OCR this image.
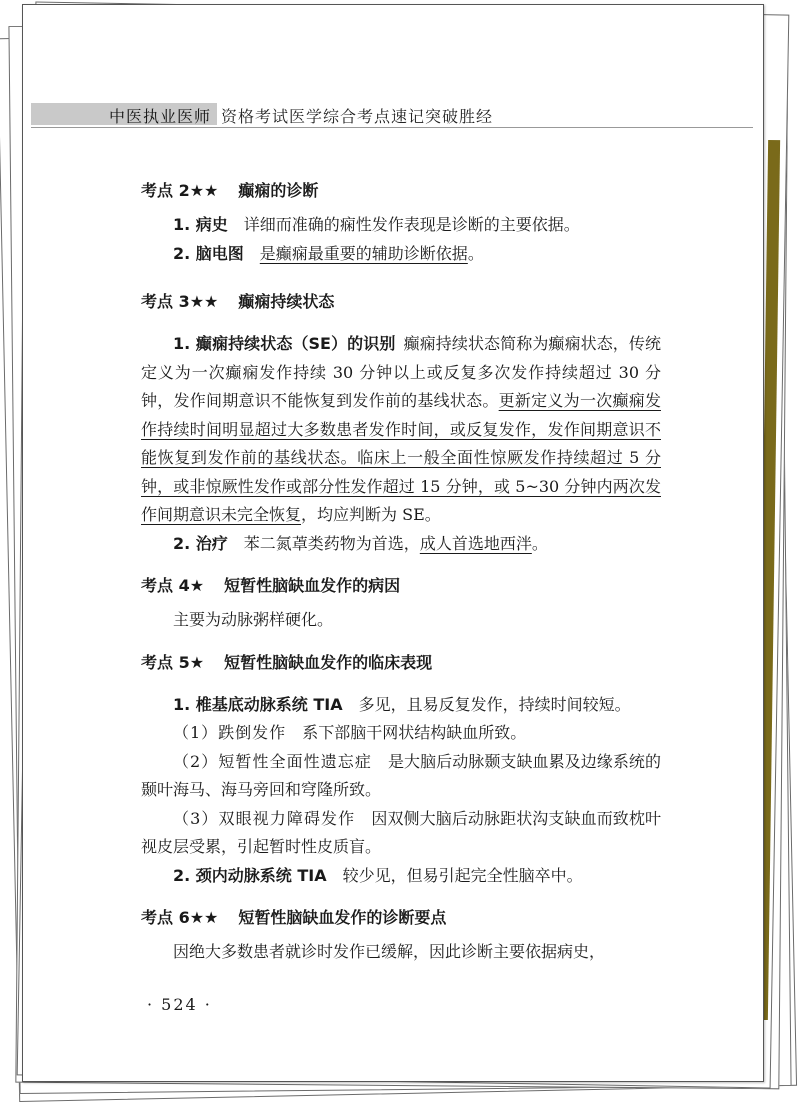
中医执业医师 资格考试医学综合考点速记突破胜经
考点 2★★ 癫痫的诊断

1. 病史  详细而准确的痫性发作表现是诊断的主要依据。

2. 脑电图  是癫痫最重要的辅助诊断依据。

考点 3★★ 癫痫持续状态

1. 癫痫持续状态（SE）的识别  癫痫持续状态简称为癫痫状态，传统定义为一次癫痫发作持续 30 分钟以上或反复多次发作持续超过 30 分钟，发作间期意识不能恢复到发作前的基线状态。更新定义为一次癫痫发作持续时间明显超过大多数患者发作时间，或反复发作，发作间期意识不能恢复到发作前的基线状态。临床上一般全面性惊厥发作持续超过 5 分钟，或非惊厥性发作或部分性发作超过 15 分钟，或 5~30 分钟内两次发作间期意识未完全恢复，均应判断为 SE。

2. 治疗  苯二氮䓬类药物为首选，成人首选地西泮。

考点 4★ 短暂性脑缺血发作的病因

主要为动脉粥样硬化。

考点 5★ 短暂性脑缺血发作的临床表现

1. 椎基底动脉系统 TIA  多见，且易反复发作，持续时间较短。

（1）跌倒发作  系下部脑干网状结构缺血所致。

（2）短暂性全面性遗忘症  是大脑后动脉颞支缺血累及边缘系统的颞叶海马、海马旁回和穹隆所致。

（3）双眼视力障碍发作  因双侧大脑后动脉距状沟支缺血而致枕叶视皮层受累，引起暂时性皮质盲。

2. 颈内动脉系统 TIA  较少见，但易引起完全性脑卒中。

考点 6★★ 短暂性脑缺血发作的诊断要点

因绝大多数患者就诊时发作已缓解，因此诊断主要依据病史，

· 524 ·
